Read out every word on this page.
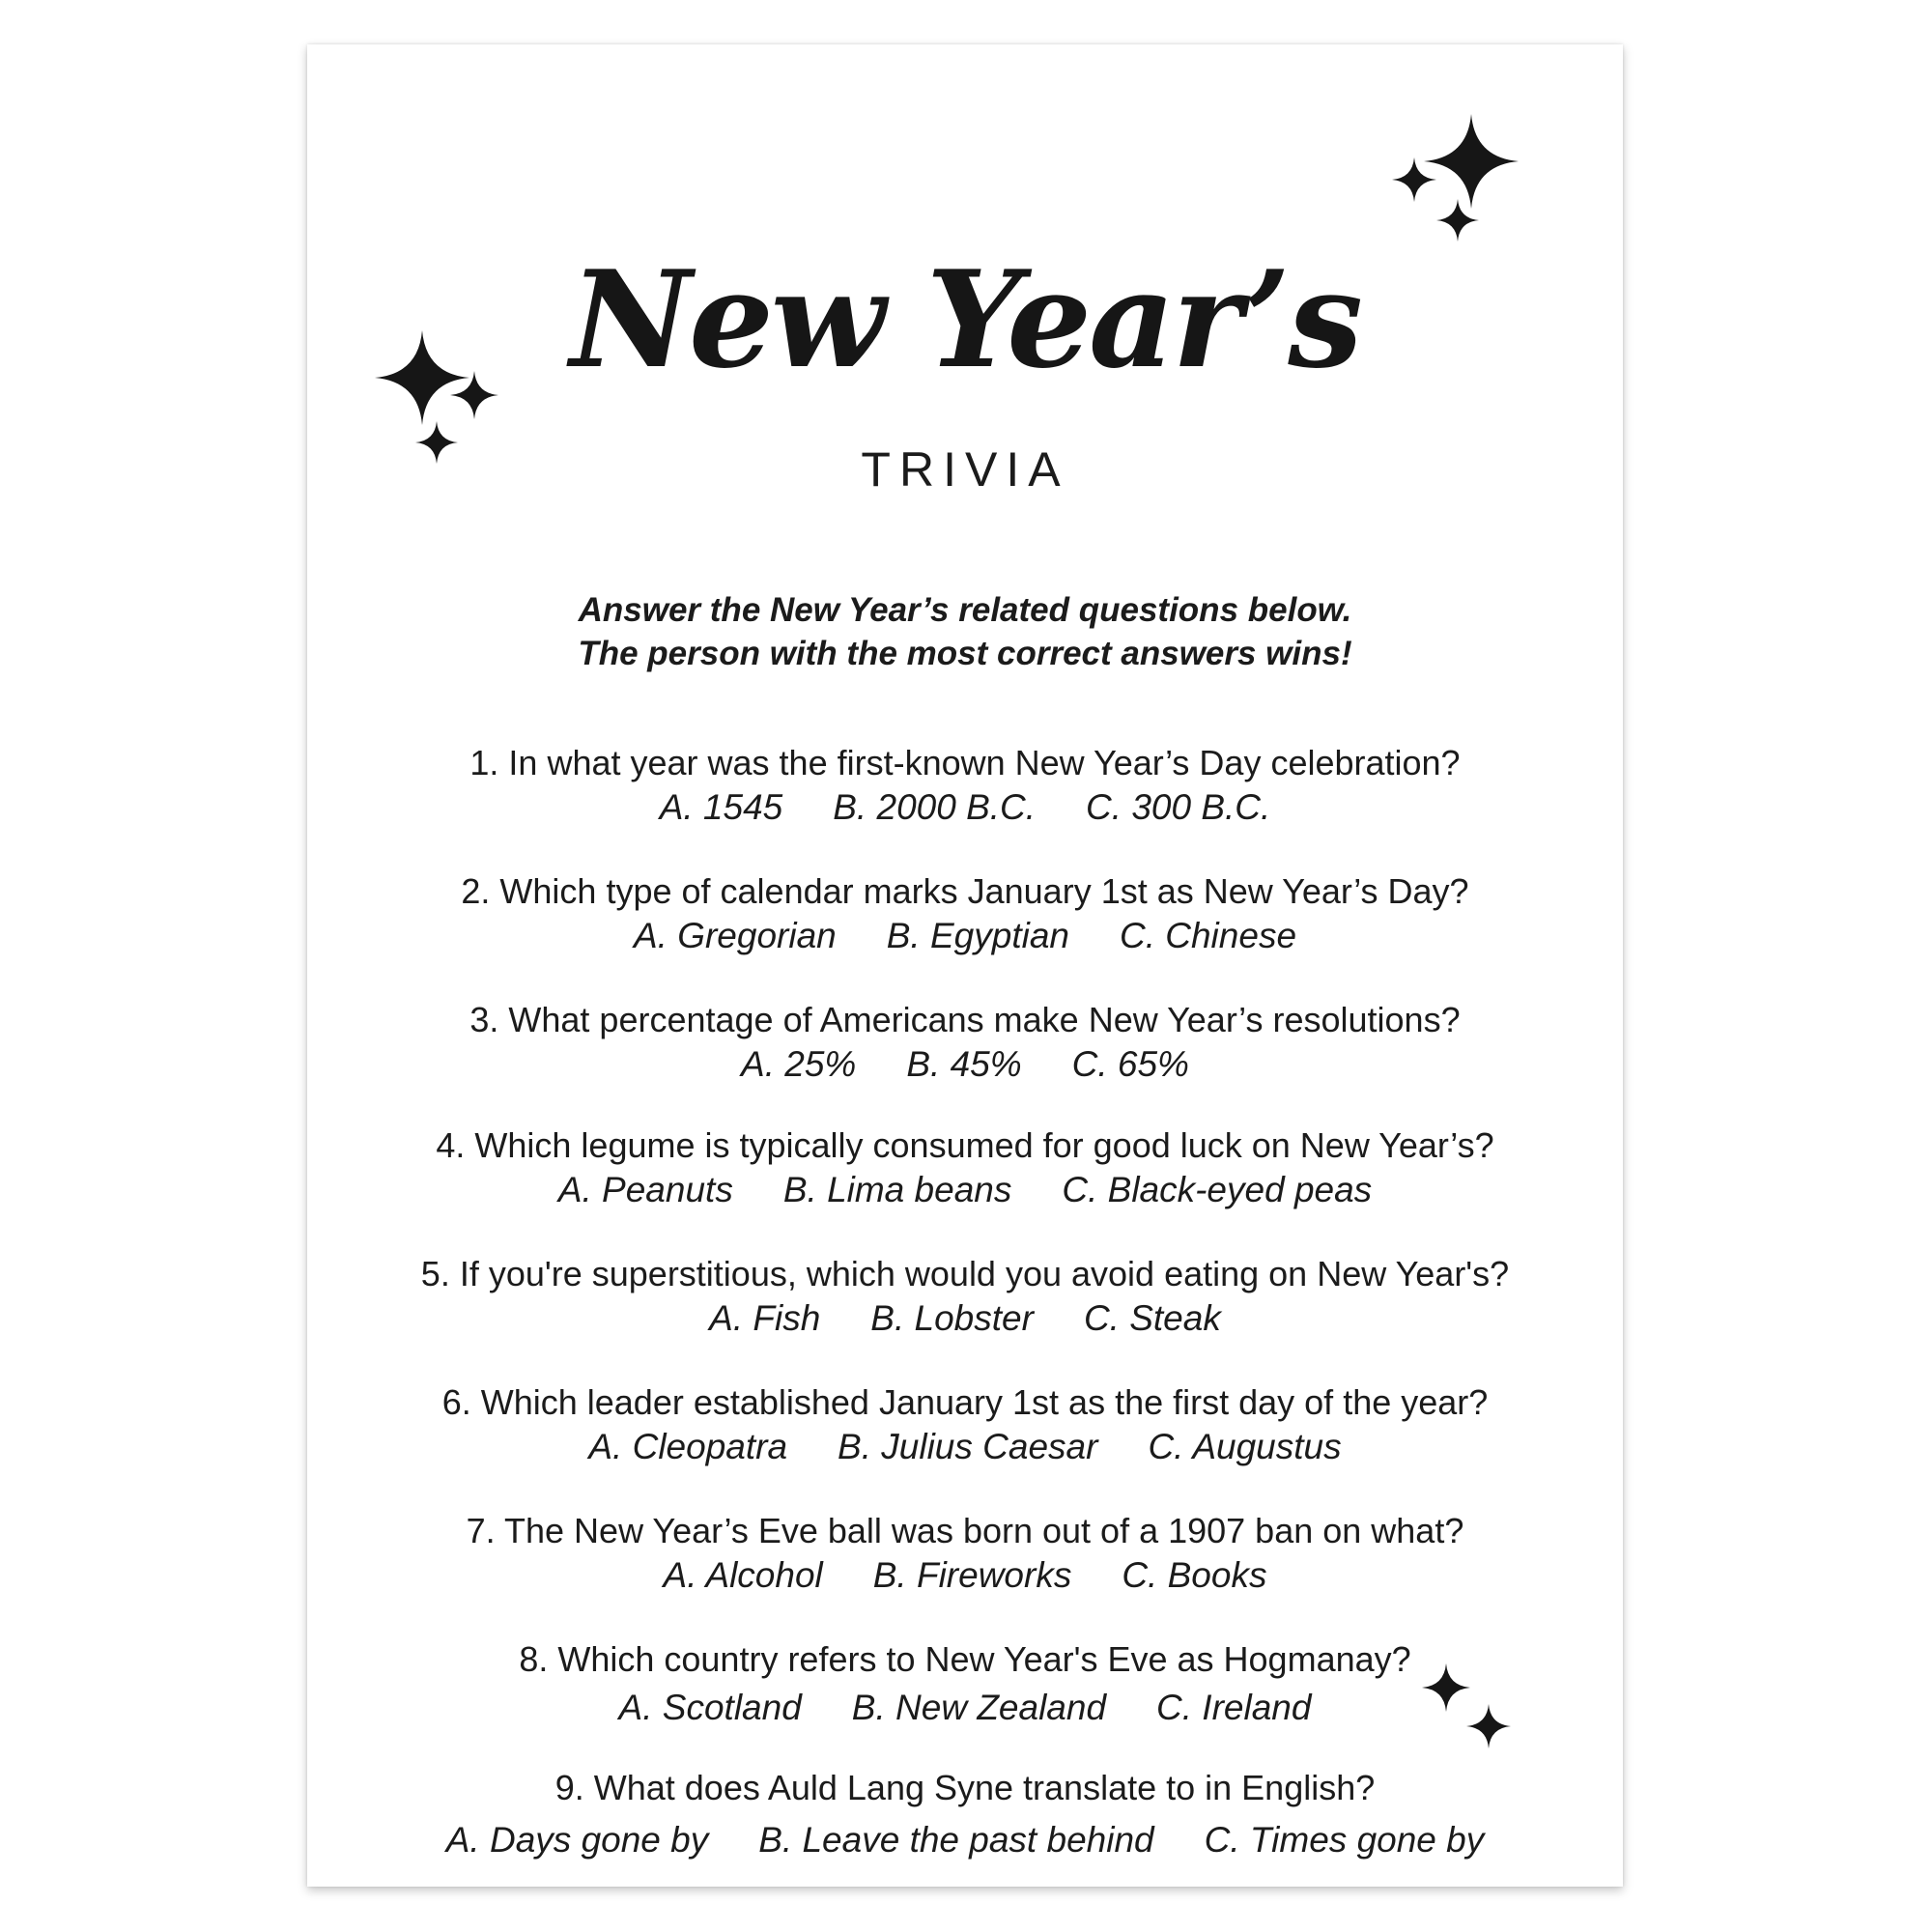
New Year’s
TRIVIA
Answer the New Year’s related questions below.
The person with the most correct answers wins!
1. In what year was the first-known New Year’s Day celebration?
A. 1545 B. 2000 B.C. C. 300 B.C.
2. Which type of calendar marks January 1st as New Year’s Day?
A. Gregorian B. Egyptian C. Chinese
3. What percentage of Americans make New Year’s resolutions?
A. 25% B. 45% C. 65%
4. Which legume is typically consumed for good luck on New Year’s?
A. Peanuts B. Lima beans C. Black-eyed peas
5. If you're superstitious, which would you avoid eating on New Year's?
A. Fish B. Lobster C. Steak
6. Which leader established January 1st as the first day of the year?
A. Cleopatra B. Julius Caesar C. Augustus
7. The New Year’s Eve ball was born out of a 1907 ban on what?
A. Alcohol B. Fireworks C. Books
8. Which country refers to New Year's Eve as Hogmanay?
A. Scotland B. New Zealand C. Ireland
9. What does Auld Lang Syne translate to in English?
A. Days gone by B. Leave the past behind C. Times gone by
